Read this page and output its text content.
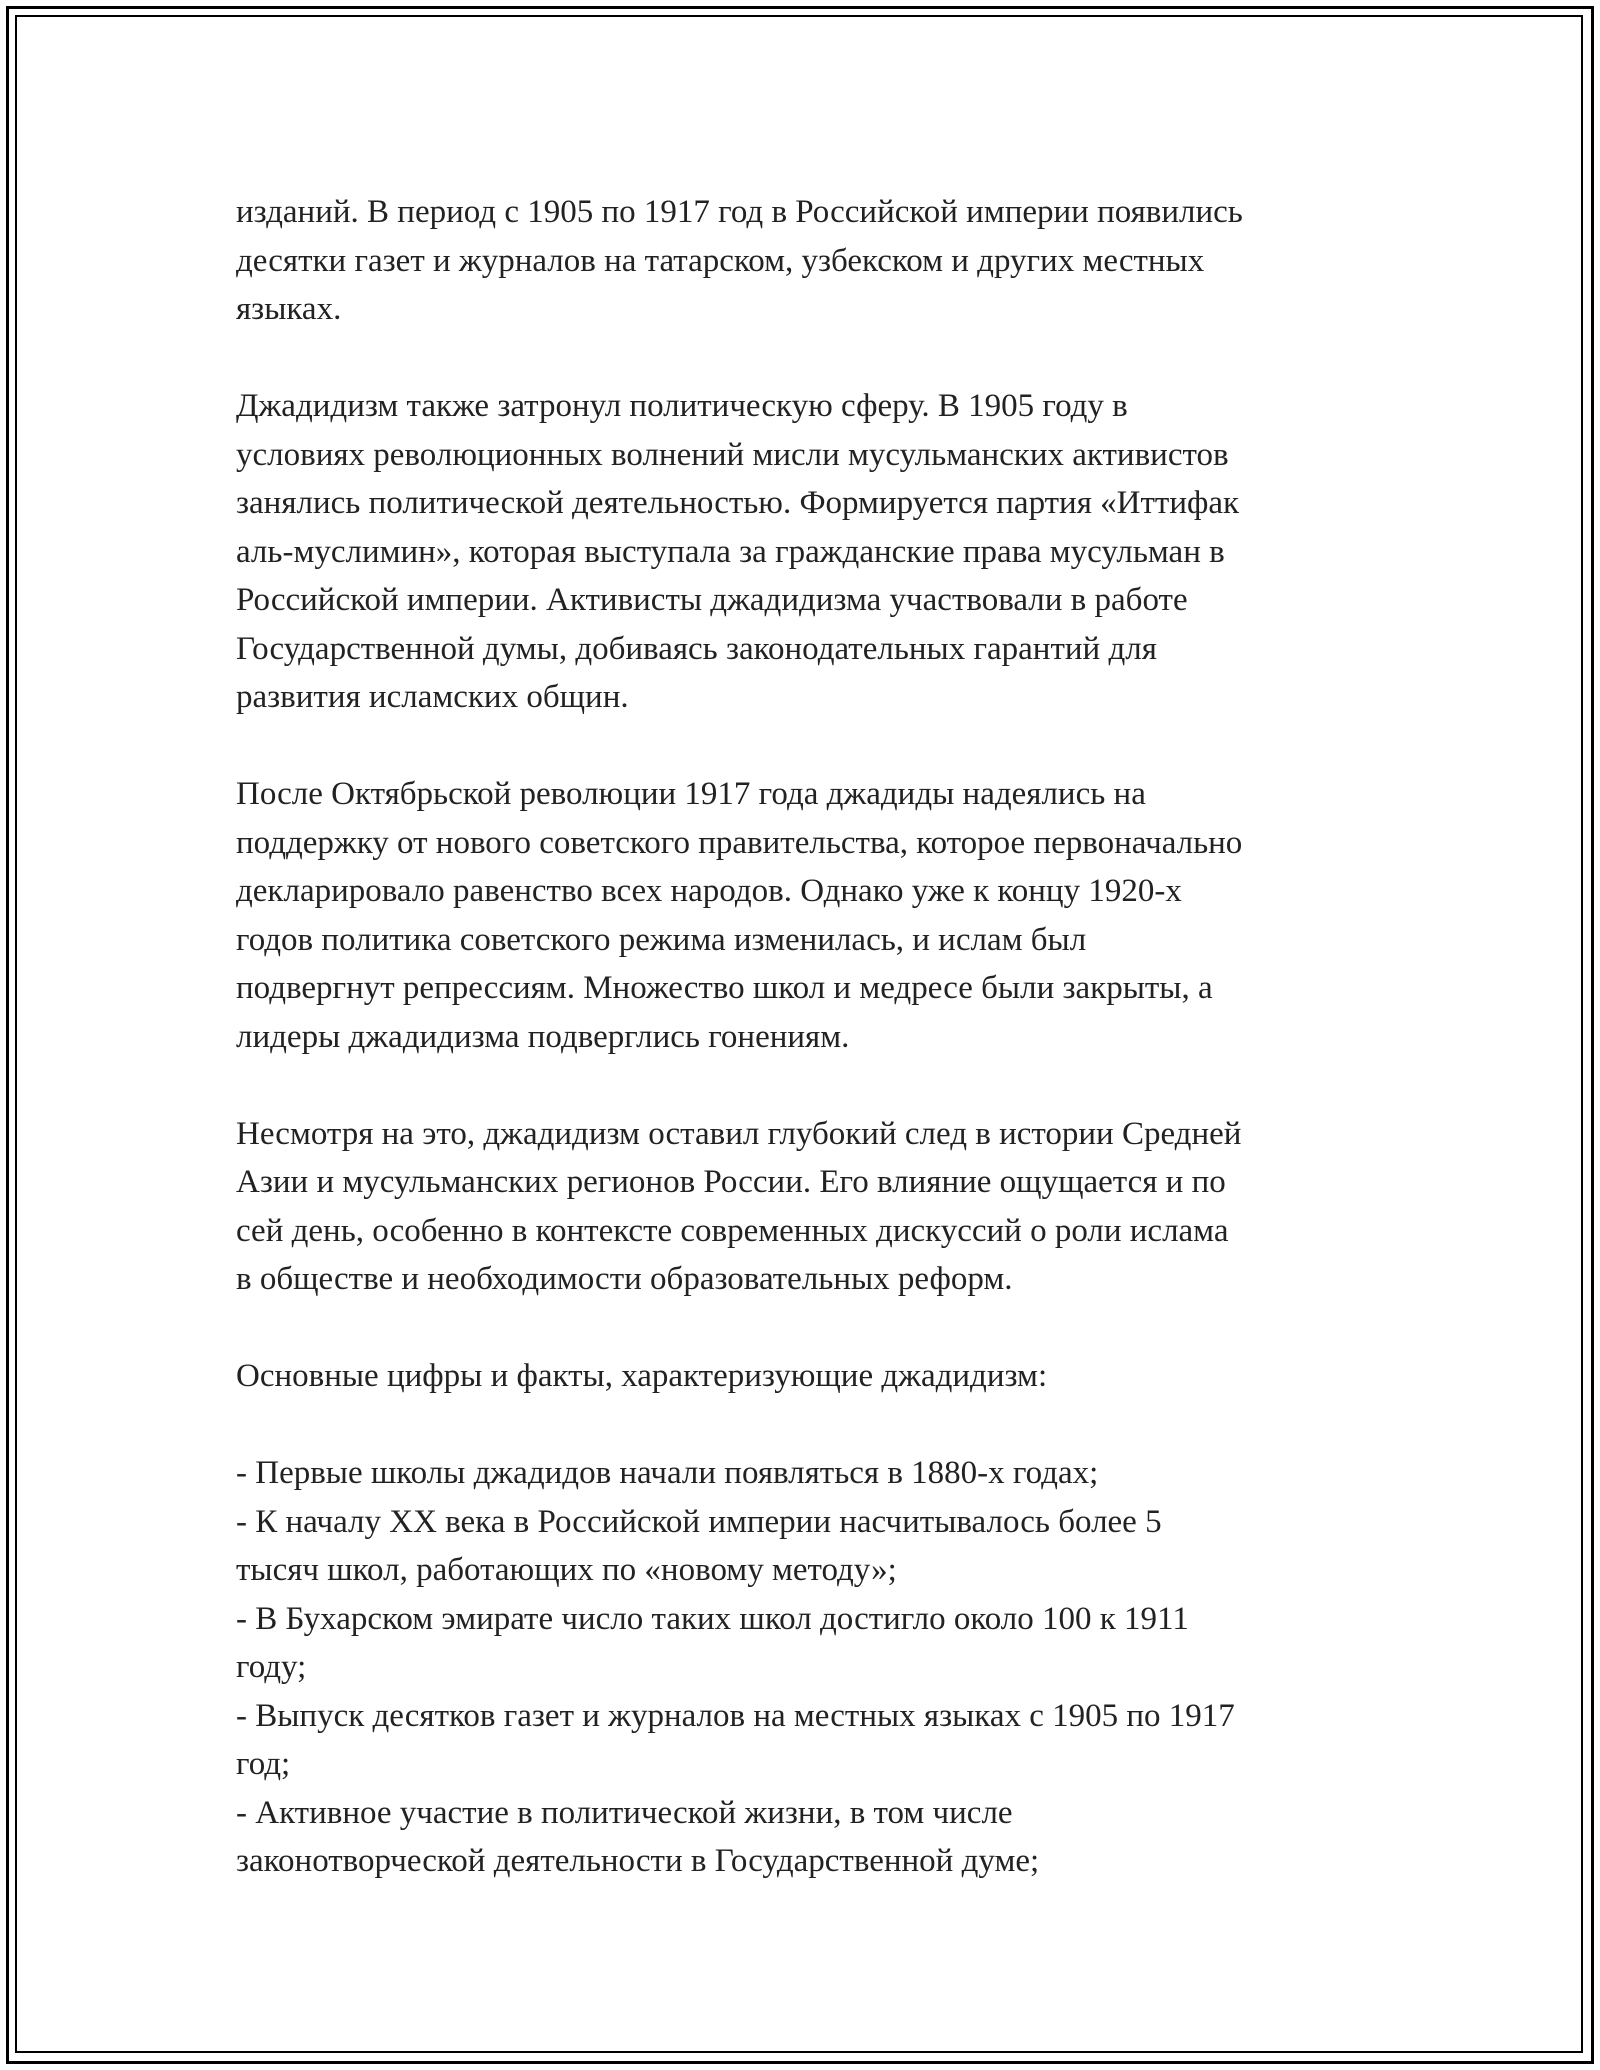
изданий. В период с 1905 по 1917 год в Российской империи появились
десятки газет и журналов на татарском, узбекском и других местных
языках.
Джадидизм также затронул политическую сферу. В 1905 году в
условиях революционных волнений мисли мусульманских активистов
занялись политической деятельностью. Формируется партия «Иттифак
аль-муслимин», которая выступала за гражданские права мусульман в
Российской империи. Активисты джадидизма участвовали в работе
Государственной думы, добиваясь законодательных гарантий для
развития исламских общин.
После Октябрьской революции 1917 года джадиды надеялись на
поддержку от нового советского правительства, которое первоначально
декларировало равенство всех народов. Однако уже к концу 1920-х
годов политика советского режима изменилась, и ислам был
подвергнут репрессиям. Множество школ и медресе были закрыты, а
лидеры джадидизма подверглись гонениям.
Несмотря на это, джадидизм оставил глубокий след в истории Средней
Азии и мусульманских регионов России. Его влияние ощущается и по
сей день, особенно в контексте современных дискуссий о роли ислама
в обществе и необходимости образовательных реформ.
Основные цифры и факты, характеризующие джадидизм:
- Первые школы джадидов начали появляться в 1880-х годах;
- К началу XX века в Российской империи насчитывалось более 5
тысяч школ, работающих по «новому методу»;
- В Бухарском эмирате число таких школ достигло около 100 к 1911
году;
- Выпуск десятков газет и журналов на местных языках с 1905 по 1917
год;
- Активное участие в политической жизни, в том числе
законотворческой деятельности в Государственной думе;
